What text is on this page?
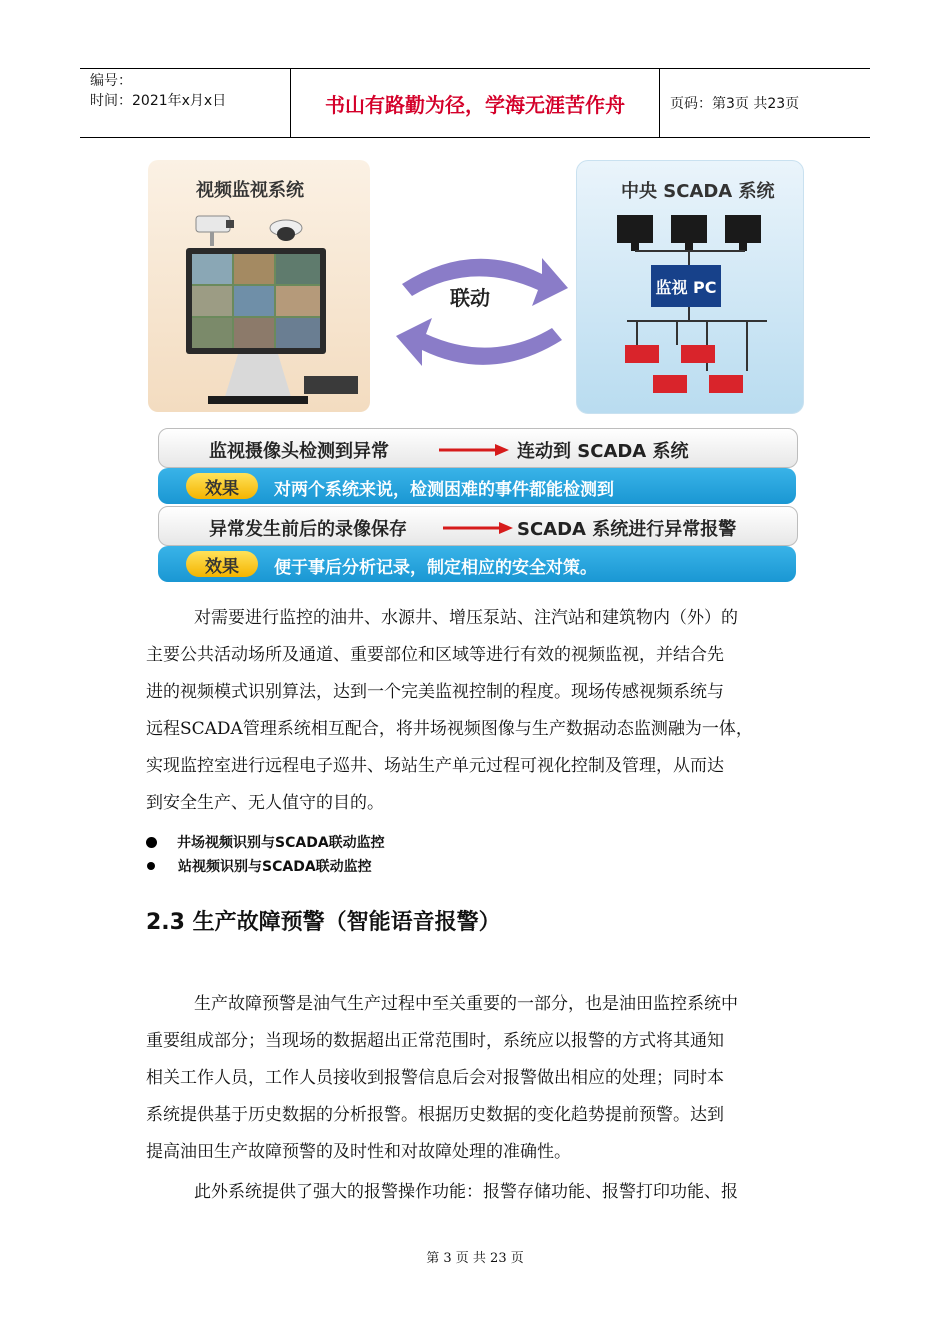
编号：
时间：2021年x月x日	书山有路勤为径，学海无涯苦作舟	页码：第3页 共23页
视频监视系统
联动
中央 SCADA 系统
监视 PC
监视摄像头检测到异常	连动到 SCADA 系统
效果	对两个系统来说，检测困难的事件都能检测到
异常发生前后的录像保存	SCADA 系统进行异常报警
效果	便于事后分析记录，制定相应的安全对策。
对需要进行监控的油井、水源井、增压泵站、注汽站和建筑物内（外）的
主要公共活动场所及通道、重要部位和区域等进行有效的视频监视，并结合先
进的视频模式识别算法，达到一个完美监视控制的程度。现场传感视频系统与
远程SCADA管理系统相互配合，将井场视频图像与生产数据动态监测融为一体，
实现监控室进行远程电子巡井、场站生产单元过程可视化控制及管理，从而达
到安全生产、无人值守的目的。
井场视频识别与SCADA联动监控
站视频识别与SCADA联动监控
2.3 生产故障预警（智能语音报警）
生产故障预警是油气生产过程中至关重要的一部分，也是油田监控系统中
重要组成部分；当现场的数据超出正常范围时，系统应以报警的方式将其通知
相关工作人员，工作人员接收到报警信息后会对报警做出相应的处理；同时本
系统提供基于历史数据的分析报警。根据历史数据的变化趋势提前预警。达到
提高油田生产故障预警的及时性和对故障处理的准确性。
此外系统提供了强大的报警操作功能：报警存储功能、报警打印功能、报
第 3 页 共 23 页
